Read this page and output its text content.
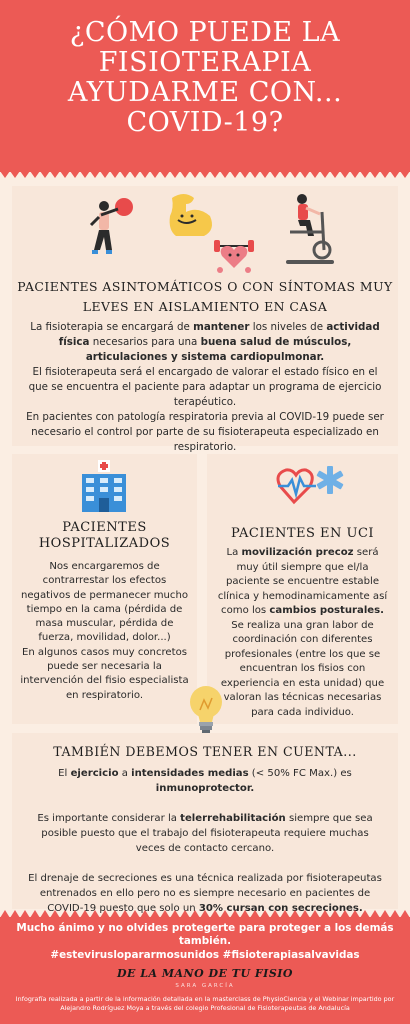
¿CÓMO PUEDE LA
FISIOTERAPIA
AYUDARME CON...
COVID-19?
PACIENTES ASINTOMÁTICOS O CON SÍNTOMAS MUY
LEVES EN AISLAMIENTO EN CASA

La fisioterapia se encargará de mantener los niveles de actividad física necesarios para una buena salud de músculos, articulaciones y sistema cardiopulmonar.

El fisioterapeuta será el encargado de valorar el estado físico en el que se encuentra el paciente para adaptar un programa de ejercicio terapéutico.

En pacientes con patología respiratoria previa al COVID-19 puede ser necesario el control por parte de su fisioterapeuta especializado en respiratorio.

PACIENTES
HOSPITALIZADOS

Nos encargaremos de contrarrestar los efectos negativos de permanecer mucho tiempo en la cama (pérdida de masa muscular, pérdida de fuerza, movilidad, dolor...)

En algunos casos muy concretos puede ser necesaria la intervención del fisio especialista en respiratorio.

PACIENTES EN UCI

La movilización precoz será muy útil siempre que el/la paciente se encuentre estable clínica y hemodinamicamente así como los cambios posturales.

Se realiza una gran labor de coordinación con diferentes profesionales (entre los que se encuentran los fisios con experiencia en esta unidad) que valoran las técnicas necesarias para cada individuo.

TAMBIÉN DEBEMOS TENER EN CUENTA...

El ejercicio a intensidades medias (< 50% FC Max.) es inmunoprotector.

Es importante considerar la telerrehabilitación siempre que sea posible puesto que el trabajo del fisioterapeuta requiere muchas veces de contacto cercano.

El drenaje de secreciones es una técnica realizada por fisioterapeutas entrenados en ello pero no es siempre necesario en pacientes de COVID-19 puesto que solo un 30% cursan con secreciones.

Mucho ánimo y no olvides protegerte para proteger a los demás también.
#esteviruslopararmosunidos #fisioterapiasalvavidas
DE LA MANO DE TU FISIO
SARA GARCÍA
Infografía realizada a partir de la información detallada en la masterclass de PhysioCiencia y el Webinar impartido por Alejandro Rodríguez Moya a través del colegio Profesional de Fisioterapeutas de Andalucía
